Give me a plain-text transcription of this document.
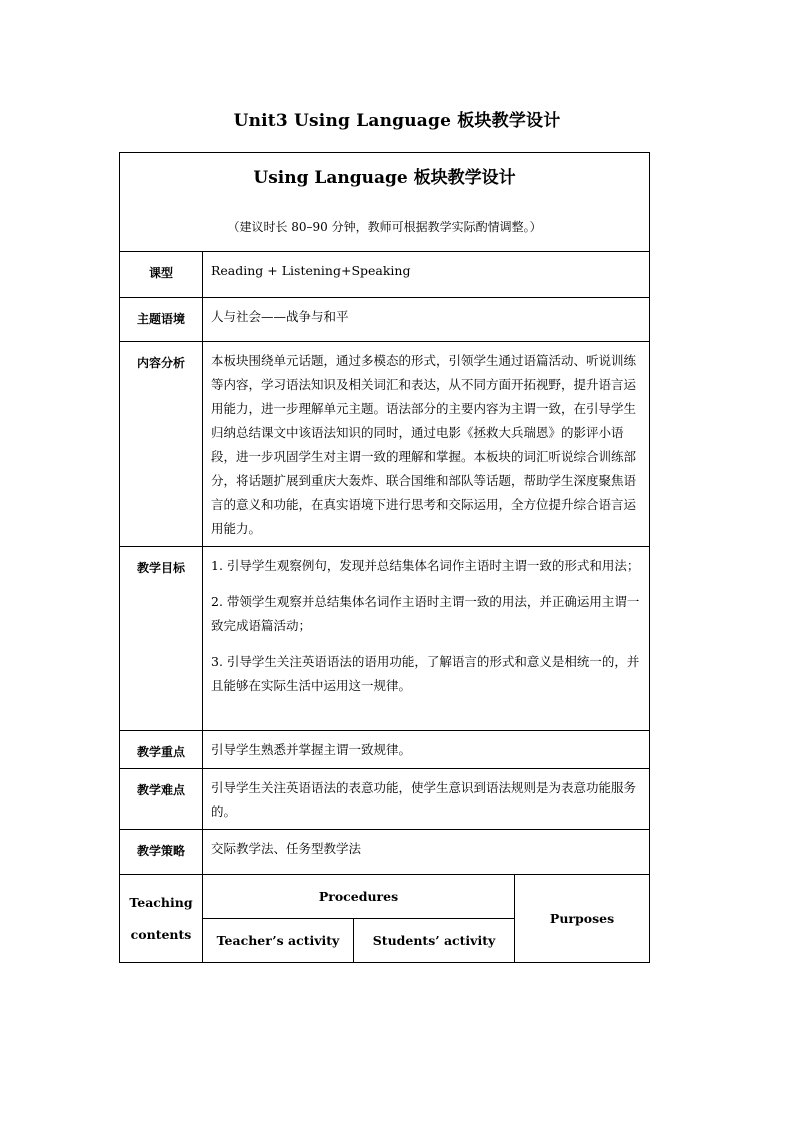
Unit3 Using Language 板块教学设计
Using Language 板块教学设计
（建议时长 80–90 分钟，教师可根据教学实际酌情调整。）			

课型	Reading + Listening+Speaking		
主题语境	人与社会——战争与和平		
内容分析	本板块围绕单元话题，通过多模态的形式，引领学生通过语篇活动、听说训练等内容，学习语法知识及相关词汇和表达，从不同方面开拓视野，提升语言运用能力，进一步理解单元主题。语法部分的主要内容为主谓一致，在引导学生归纳总结课文中该语法知识的同时，通过电影《拯救大兵瑞恩》的影评小语段，进一步巩固学生对主谓一致的理解和掌握。本板块的词汇听说综合训练部分，将话题扩展到重庆大轰炸、联合国维和部队等话题，帮助学生深度聚焦语言的意义和功能，在真实语境下进行思考和交际运用，全方位提升综合语言运用能力。		
教学目标	1. 引导学生观察例句，发现并总结集体名词作主语时主谓一致的形式和用法；

2. 带领学生观察并总结集体名词作主语时主谓一致的用法，并正确运用主谓一致完成语篇活动；

3. 引导学生关注英语语法的语用功能，了解语言的形式和意义是相统一的，并且能够在实际生活中运用这一规律。		

教学重点	引导学生熟悉并掌握主谓一致规律。		
教学难点	引导学生关注英语语法的表意功能，使学生意识到语法规则是为表意功能服务的。		
教学策略	交际教学法、任务型教学法		

Teaching
contents	Procedures		Purposes
	Teacher’s activity	Students’ activity	
